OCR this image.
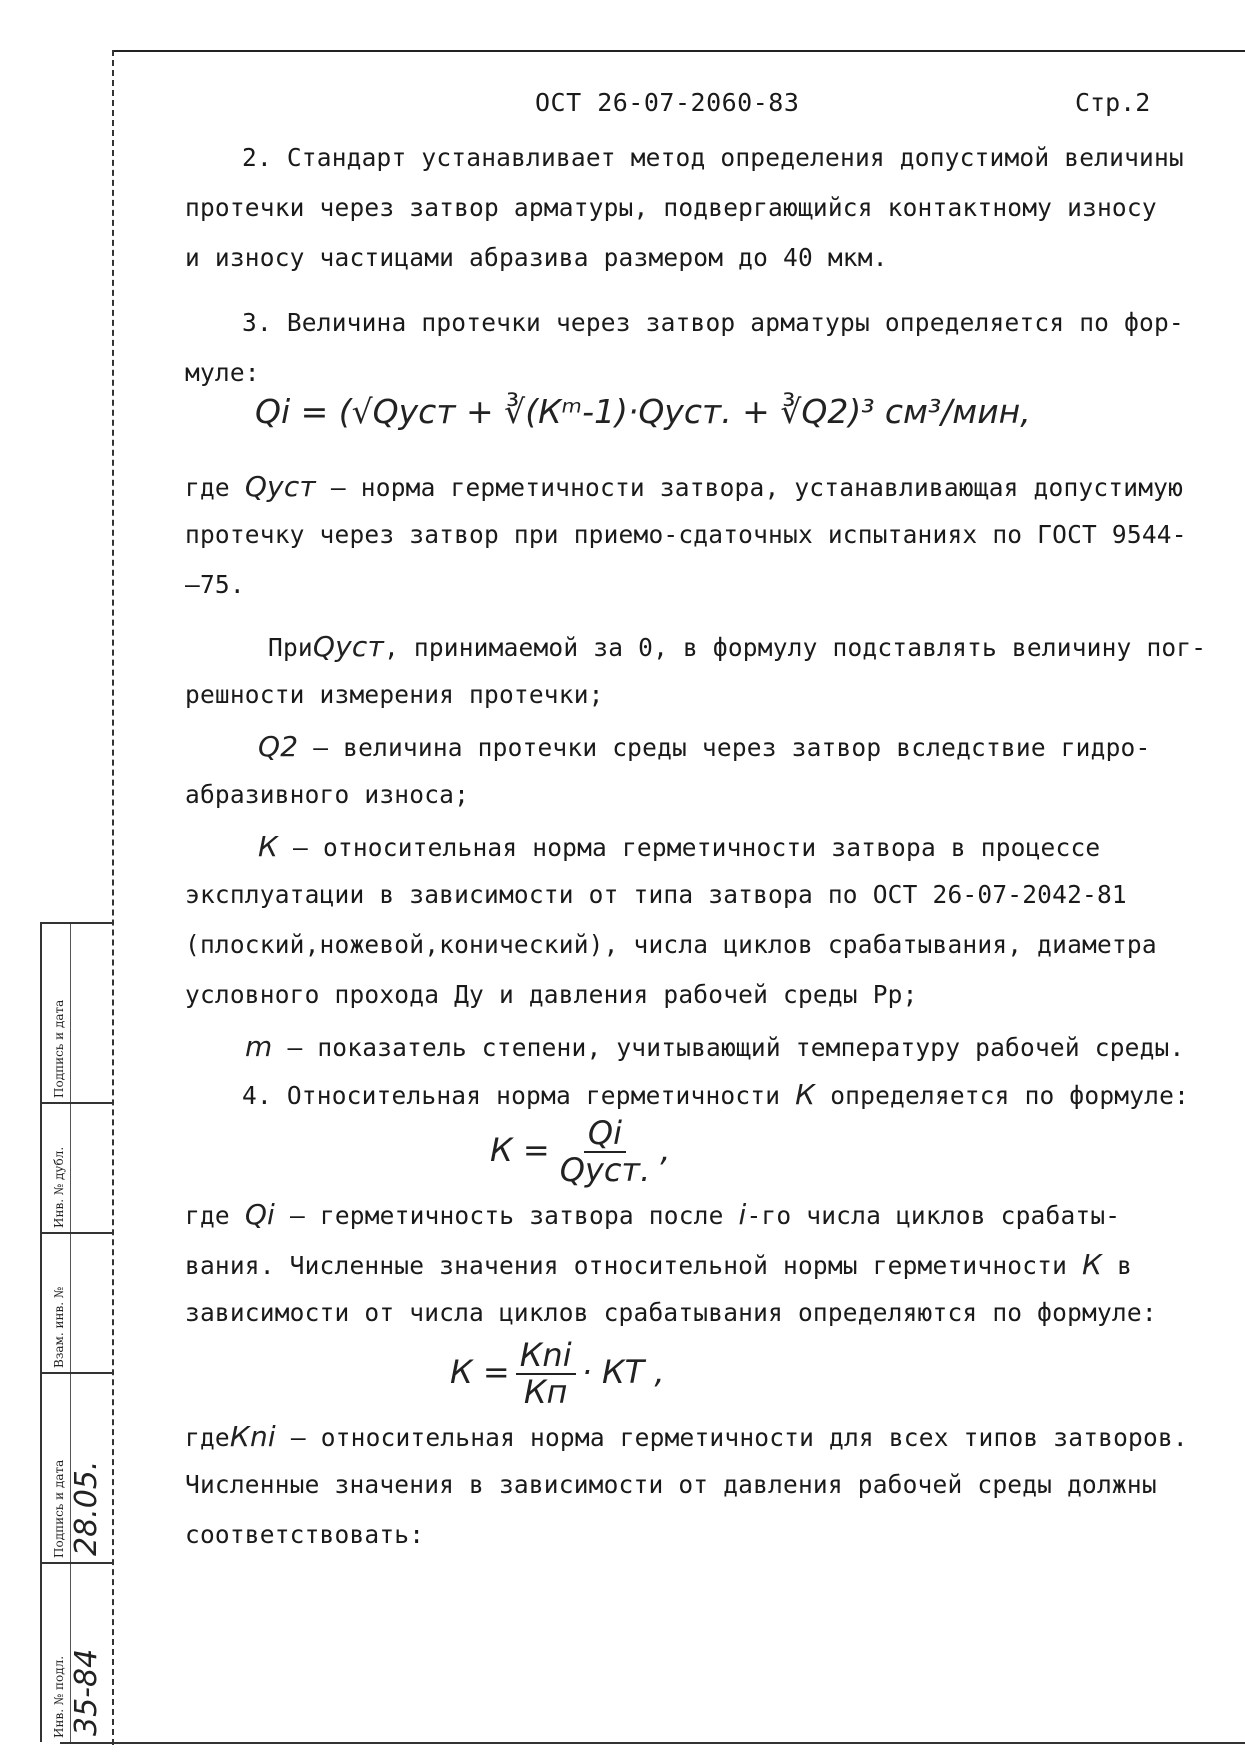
ОСТ 26-07-2060-83	Стр.2
2. Стандарт устанавливает метод определения допустимой величины
протечки через затвор арматуры, подвергающийся контактному износу
и износу частицами абразива размером до 40 мкм.
3. Величина протечки через затвор арматуры определяется по фор-
муле:
Qi = (√Qуст + ∛(Кᵐ-1)·Qуст. + ∛Q2)³ см³/мин,
где Qуст – норма герметичности затвора, устанавливающая допустимую
протечку через затвор при приемо-сдаточных испытаниях по ГОСТ 9544-
–75.
ПриQуст, принимаемой за 0, в формулу подставлять величину пог-
решности измерения протечки;
Q2 – величина протечки среды через затвор вследствие гидро-
абразивного износа;
К – относительная норма герметичности затвора в процессе
эксплуатации в зависимости от типа затвора по ОСТ 26-07-2042-81
(плоский,ножевой,конический), числа циклов срабатывания, диаметра
условного прохода Ду и давления рабочей среды Рр;
m – показатель степени, учитывающий температуру рабочей среды.
4. Относительная норма герметичности К определяется по формуле:
$К = \frac{Qi}{\text{Qуст.}}$ ,
где Qi – герметичность затвора после i-го числа циклов срабаты-
вания. Численные значения относительной нормы герметичности К в
зависимости от числа циклов срабатывания определяются по формуле:
$К = \frac{\text{Кni}}{Кп}$ · КТ ,
гдеКni – относительная норма герметичности для всех типов затворов.
Численные значения в зависимости от давления рабочей среды должны
соответствовать:
Подпись и дата
Инв. № дубл.
Взам. инв. №
Подпись и дата 28.05.
Инв. № подл. 35-84
